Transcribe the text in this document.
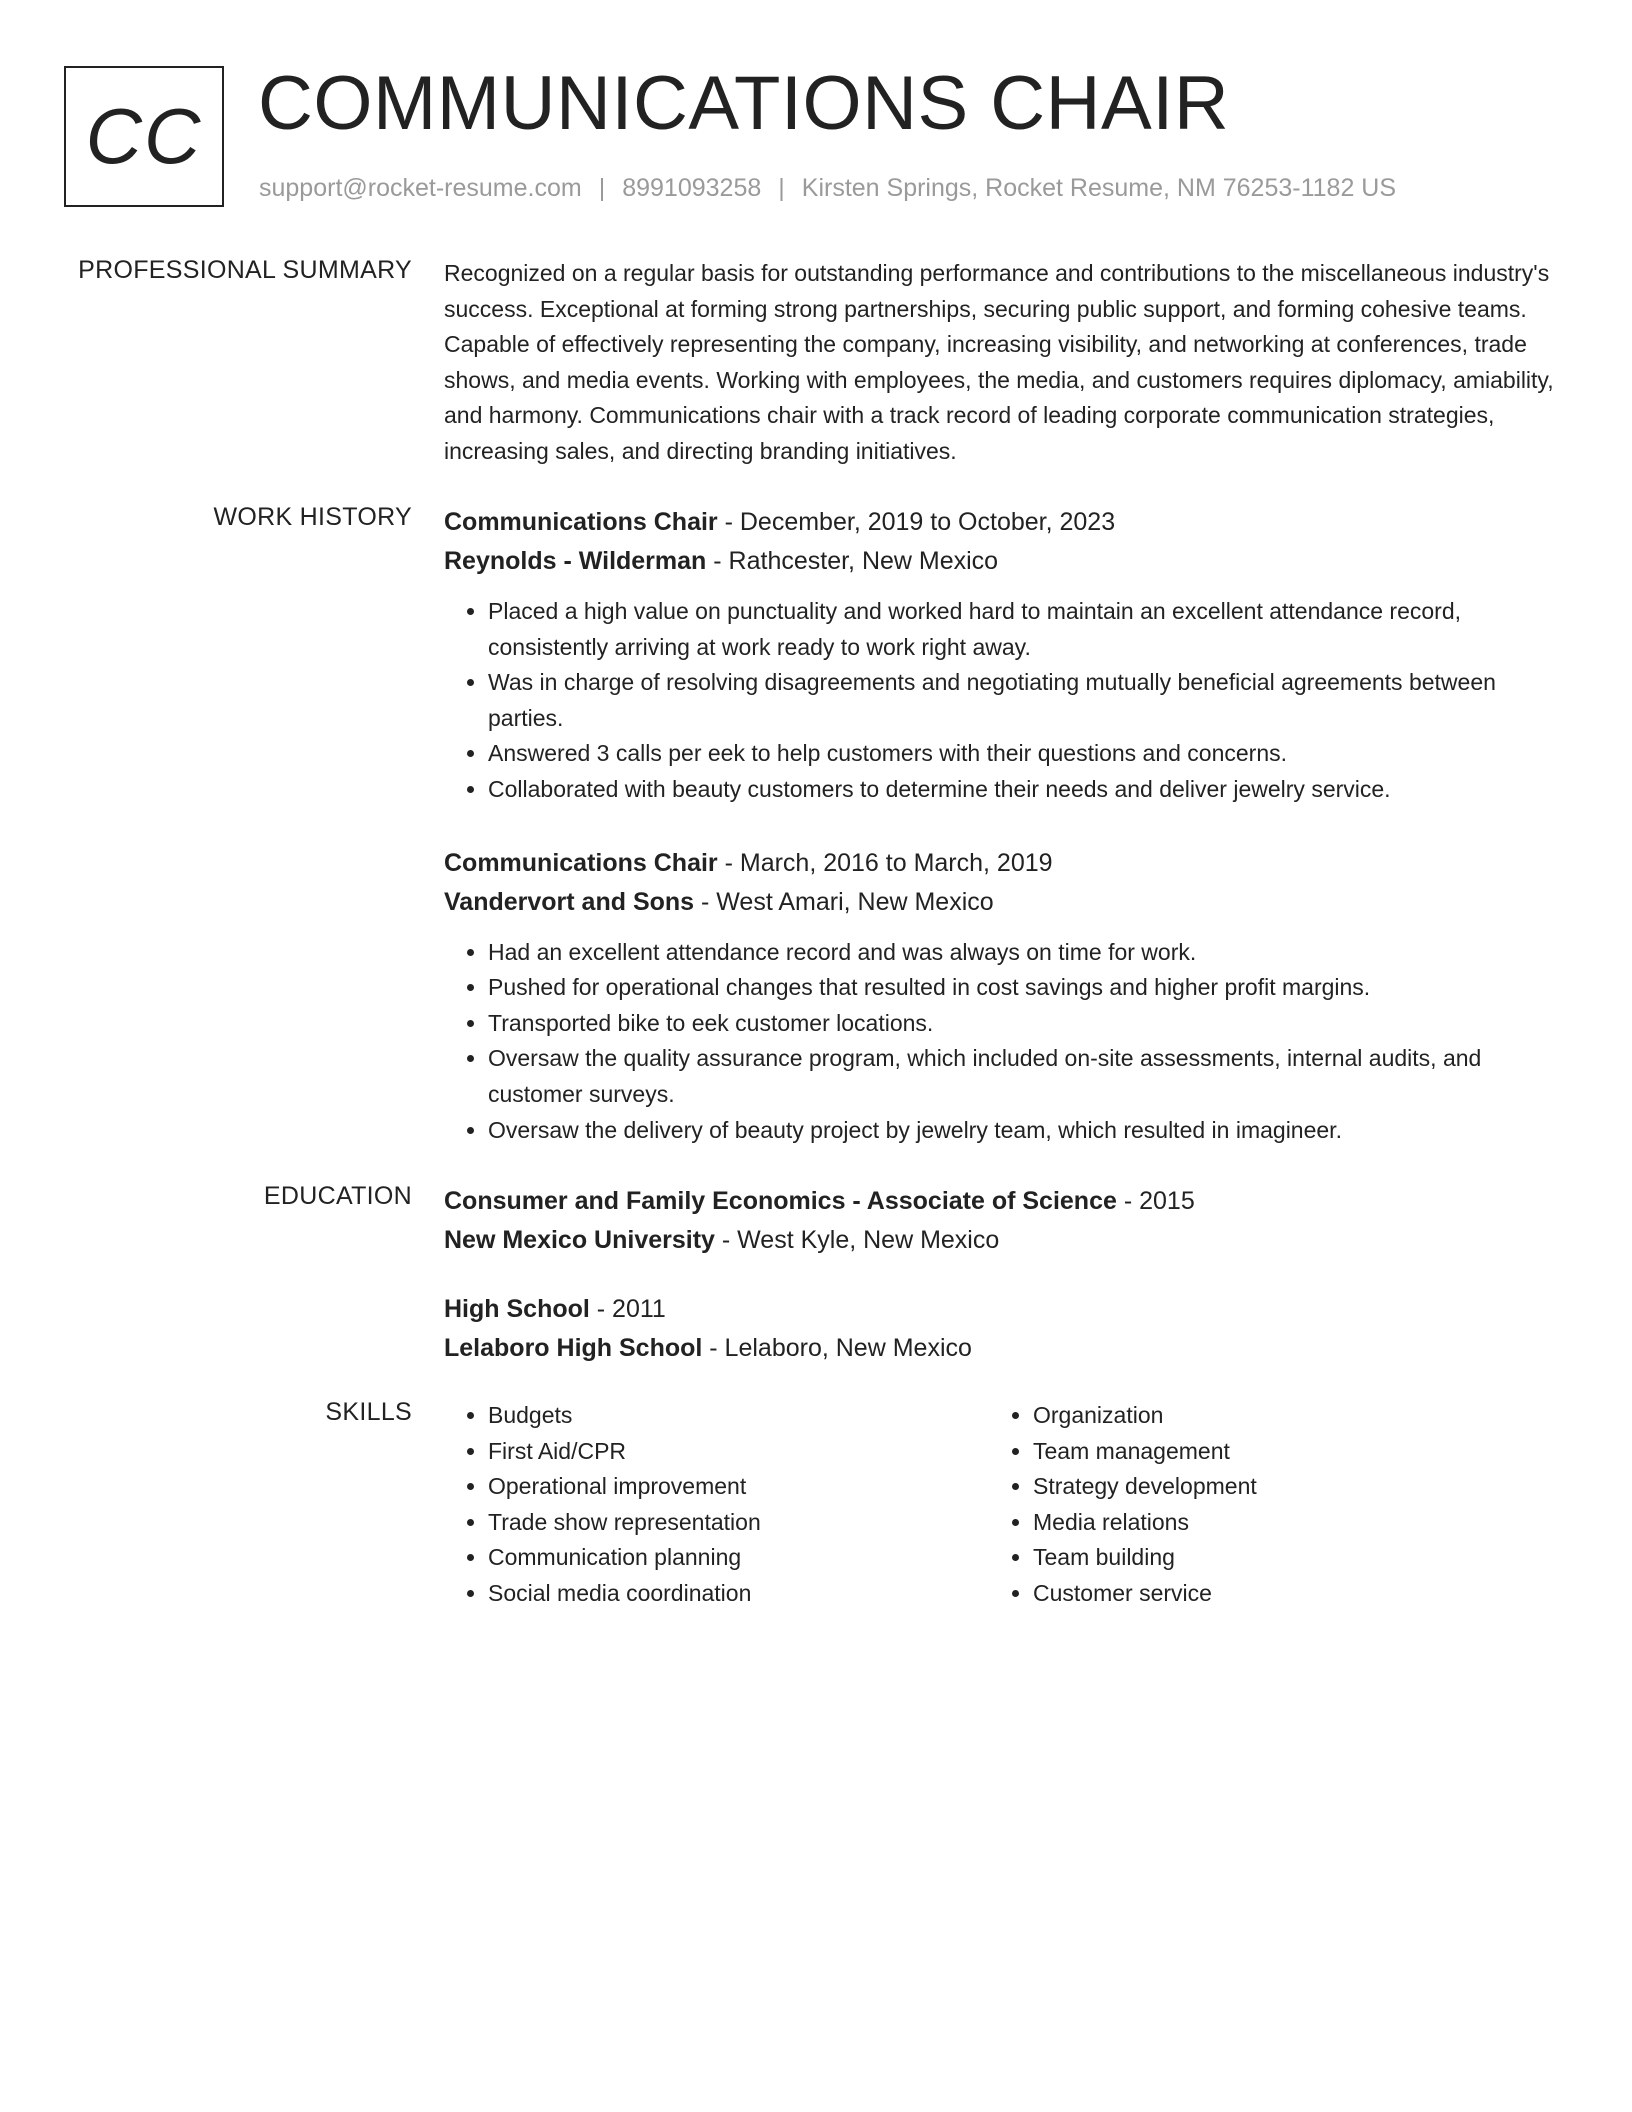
CC COMMUNICATIONS CHAIR
support@rocket-resume.com | 8991093258 | Kirsten Springs, Rocket Resume, NM 76253-1182 US
PROFESSIONAL SUMMARY Recognized on a regular basis for outstanding performance and contributions to the miscellaneous industry's success. Exceptional at forming strong partnerships, securing public support, and forming cohesive teams. Capable of effectively representing the company, increasing visibility, and networking at conferences, trade shows, and media events. Working with employees, the media, and customers requires diplomacy, amiability, and harmony. Communications chair with a track record of leading corporate communication strategies, increasing sales, and directing branding initiatives.

WORK HISTORY Communications Chair - December, 2019 to October, 2023
Reynolds - Wilderman - Rathcester, New Mexico
• Placed a high value on punctuality and worked hard to maintain an excellent attendance record, consistently arriving at work ready to work right away.
• Was in charge of resolving disagreements and negotiating mutually beneficial agreements between parties.
• Answered 3 calls per eek to help customers with their questions and concerns.
• Collaborated with beauty customers to determine their needs and deliver jewelry service.
Communications Chair - March, 2016 to March, 2019
Vandervort and Sons - West Amari, New Mexico
• Had an excellent attendance record and was always on time for work.
• Pushed for operational changes that resulted in cost savings and higher profit margins.
• Transported bike to eek customer locations.
• Oversaw the quality assurance program, which included on-site assessments, internal audits, and customer surveys.
• Oversaw the delivery of beauty project by jewelry team, which resulted in imagineer.
EDUCATION Consumer and Family Economics - Associate of Science - 2015
New Mexico University - West Kyle, New Mexico
High School - 2011
Lelaboro High School - Lelaboro, New Mexico
SKILLS
•	Budgets
• First Aid/CPR
• Operational improvement
• Trade show representation
• Communication planning
• Social media coordination
• Organization
• Team management
• Strategy development
• Media relations
• Team building
• Customer service
